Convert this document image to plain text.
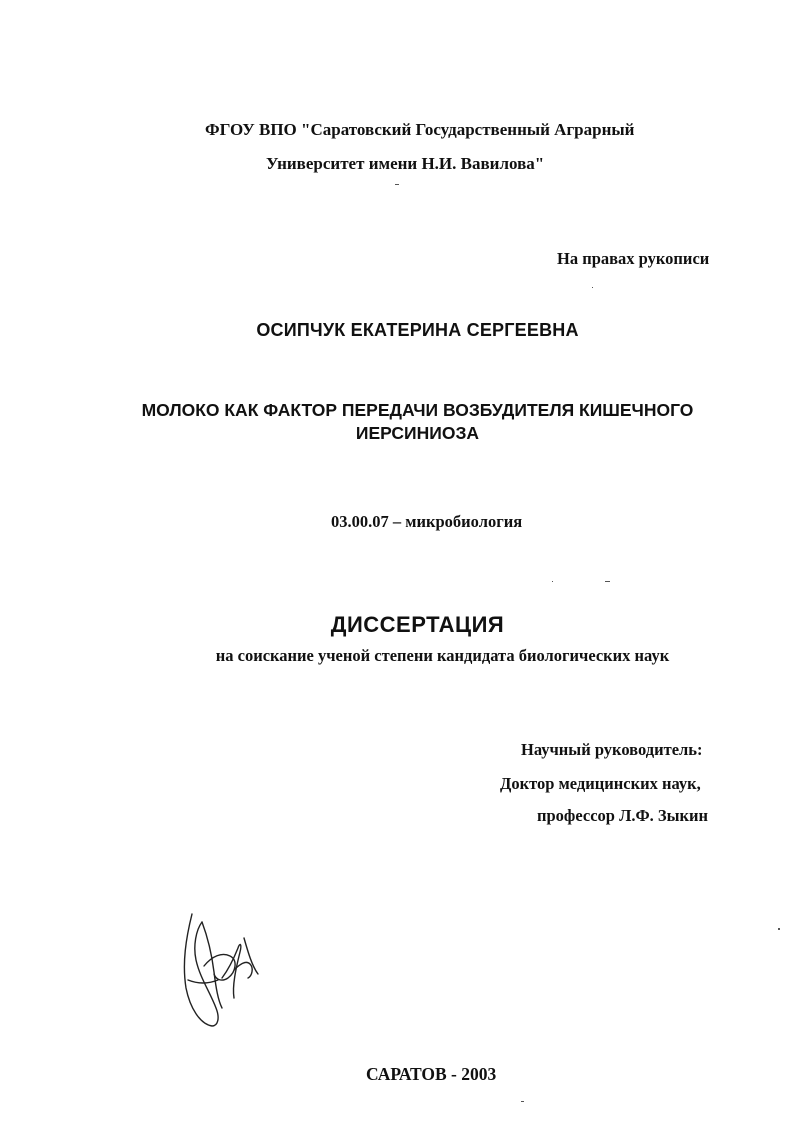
ФГОУ ВПО "Саратовский Государственный Аграрный
Университет имени Н.И. Вавилова"
На правах рукописи
ОСИПЧУК ЕКАТЕРИНА СЕРГЕЕВНА
МОЛОКО КАК ФАКТОР ПЕРЕДАЧИ ВОЗБУДИТЕЛЯ КИШЕЧНОГО
ИЕРСИНИОЗА
03.00.07 – микробиология
ДИССЕРТАЦИЯ
на соискание ученой степени кандидата биологических наук
Научный руководитель:
Доктор медицинских наук,
профессор Л.Ф. Зыкин
САРАТОВ - 2003
